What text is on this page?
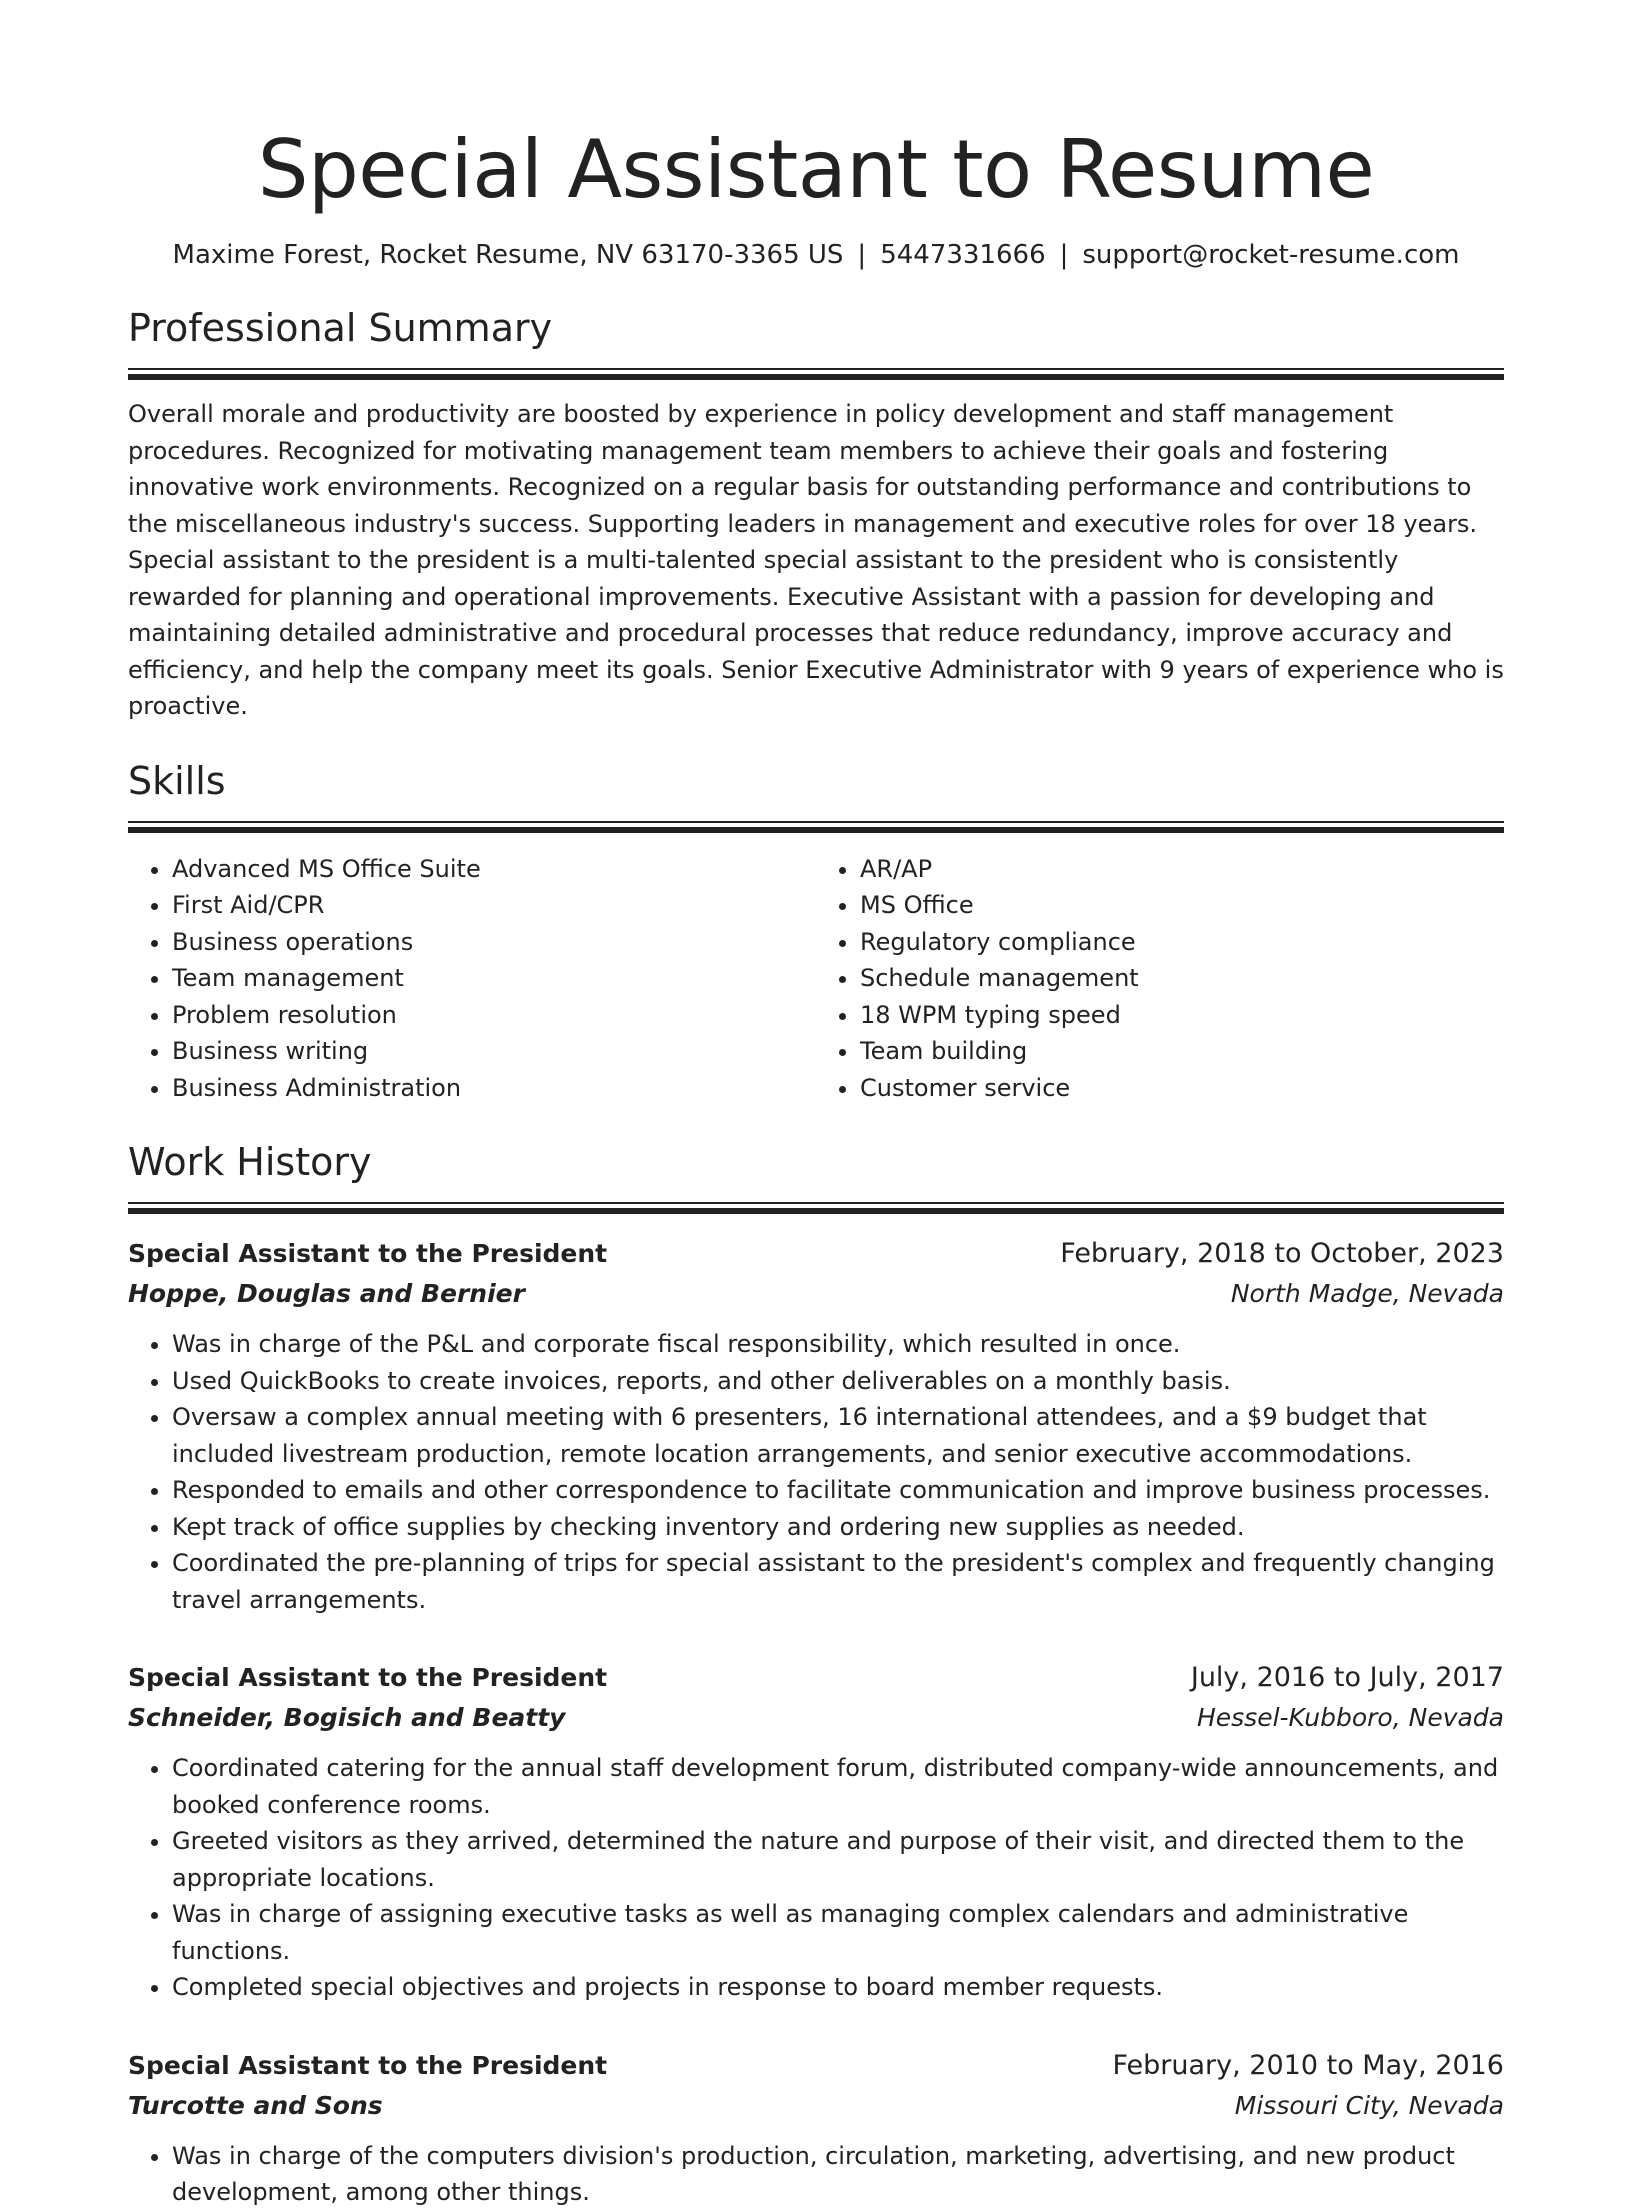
Special Assistant to Resume
Maxime Forest, Rocket Resume, NV 63170-3365 US | 5447331666 | support@rocket-resume.com
Professional Summary
Overall morale and productivity are boosted by experience in policy development and staff management procedures. Recognized for motivating management team members to achieve their goals and fostering innovative work environments. Recognized on a regular basis for outstanding performance and contributions to the miscellaneous industry's success. Supporting leaders in management and executive roles for over 18 years. Special assistant to the president is a multi-talented special assistant to the president who is consistently rewarded for planning and operational improvements. Executive Assistant with a passion for developing and maintaining detailed administrative and procedural processes that reduce redundancy, improve accuracy and efficiency, and help the company meet its goals. Senior Executive Administrator with 9 years of experience who is proactive.
Skills
• Advanced MS Office Suite
• First Aid/CPR
• Business operations
• Team management
• Problem resolution
• Business writing
• Business Administration
• AR/AP
• MS Office
• Regulatory compliance
• Schedule management
• 18 WPM typing speed
• Team building
• Customer service
Work History
Special Assistant to the President	February, 2018 to October, 2023
Hoppe, Douglas and Bernier	North Madge, Nevada
• Was in charge of the P&L and corporate fiscal responsibility, which resulted in once.
• Used QuickBooks to create invoices, reports, and other deliverables on a monthly basis.
• Oversaw a complex annual meeting with 6 presenters, 16 international attendees, and a $9 budget that included livestream production, remote location arrangements, and senior executive accommodations.
• Responded to emails and other correspondence to facilitate communication and improve business processes.
• Kept track of office supplies by checking inventory and ordering new supplies as needed.
• Coordinated the pre-planning of trips for special assistant to the president's complex and frequently changing travel arrangements.
Special Assistant to the President	July, 2016 to July, 2017
Schneider, Bogisich and Beatty	Hessel-Kubboro, Nevada
• Coordinated catering for the annual staff development forum, distributed company-wide announcements, and booked conference rooms.
• Greeted visitors as they arrived, determined the nature and purpose of their visit, and directed them to the appropriate locations.
• Was in charge of assigning executive tasks as well as managing complex calendars and administrative functions.
• Completed special objectives and projects in response to board member requests.
Special Assistant to the President	February, 2010 to May, 2016
Turcotte and Sons	Missouri City, Nevada
• Was in charge of the computers division's production, circulation, marketing, advertising, and new product development, among other things.
